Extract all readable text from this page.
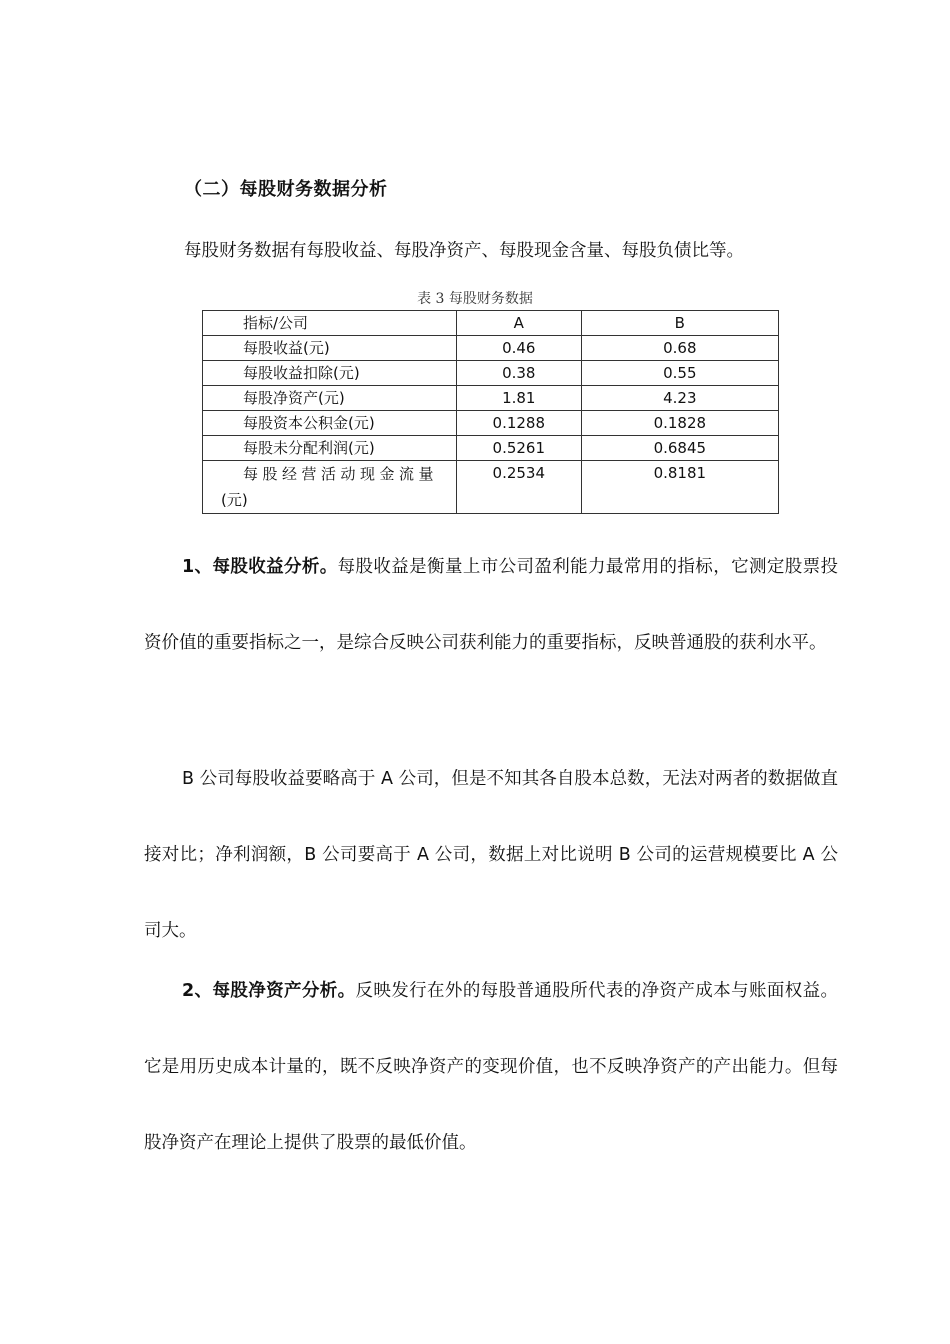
（二）每股财务数据分析
每股财务数据有每股收益、每股净资产、每股现金含量、每股负债比等。
表 3 每股财务数据
指标/公司	A	B
每股收益(元)	0.46	0.68
每股收益扣除(元)	0.38	0.55
每股净资产(元)	1.81	4.23
每股资本公积金(元)	0.1288	0.1828
每股未分配利润(元)	0.5261	0.6845

每股经营活动现金流量
(元)	0.2534	0.8181
1、每股收益分析。每股收益是衡量上市公司盈利能力最常用的指标，它测定股票投资价值的重要指标之一，是综合反映公司获利能力的重要指标，反映普通股的获利水平。
B 公司每股收益要略高于 A 公司，但是不知其各自股本总数，无法对两者的数据做直接对比；净利润额，B 公司要高于 A 公司，数据上对比说明 B 公司的运营规模要比 A 公司大。
2、每股净资产分析。反映发行在外的每股普通股所代表的净资产成本与账面权益。它是用历史成本计量的，既不反映净资产的变现价值，也不反映净资产的产出能力。但每股净资产在理论上提供了股票的最低价值。
